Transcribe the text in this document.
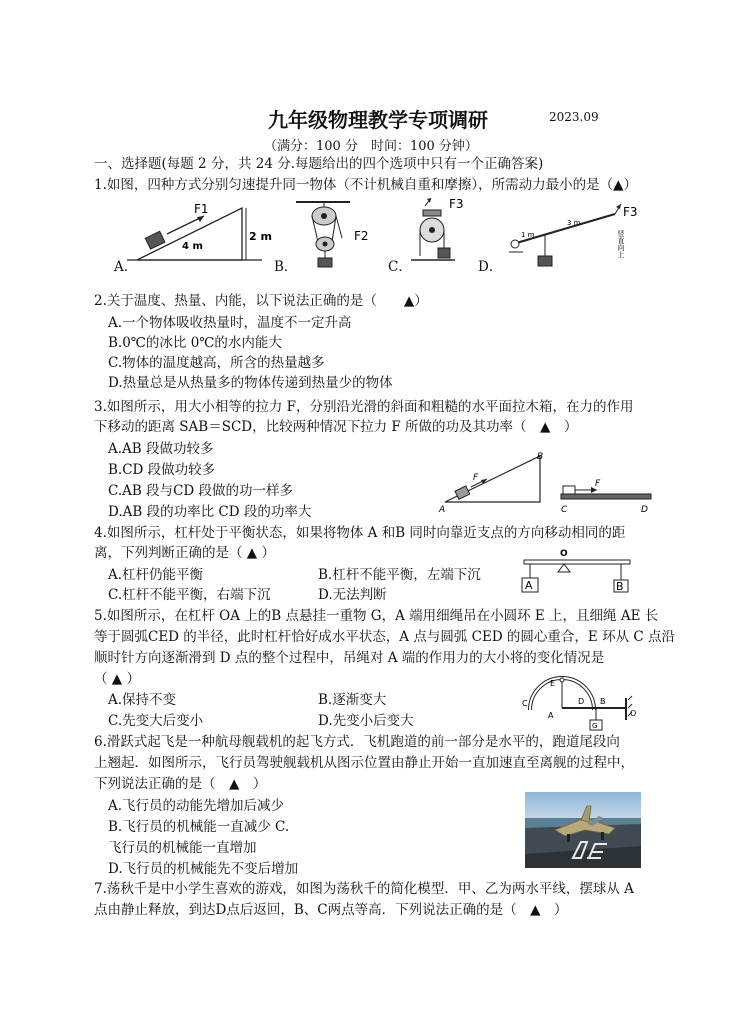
九年级物理教学专项调研	2023.09
（满分：100 分　时间：100 分钟）
一、选择题(每题 2 分，共 24 分.每题给出的四个选项中只有一个正确答案)
1.如图，四种方式分别匀速提升同一物体（不计机械自重和摩擦），所需动力最小的是（▲）
F1
4 m
2 m
A.
F2
B．
F3
C．
F3
1 m
3 m
竖直向上
D．
2.关于温度、热量、内能，以下说法正确的是（　　▲）
A.一个物体吸收热量时，温度不一定升高
B.0℃的冰比 0℃的水内能大
C.物体的温度越高，所含的热量越多
D.热量总是从热量多的物体传递到热量少的物体
3.如图所示，用大小相等的拉力 F，分别沿光滑的斜面和粗糙的水平面拉木箱，在力的作用
下移动的距离 SAB＝SCD，比较两种情况下拉力 F 所做的功及其功率（　▲　）
A.AB 段做功较多
B.CD 段做功较多
C.AB 段与CD 段做的功一样多
D.AB 段的功率比 CD 段的功率大
F
A
B
F
C	D
4.如图所示，杠杆处于平衡状态，如果将物体 A 和B 同时向靠近支点的方向移动相同的距
离，下列判断正确的是（ ▲ ）
A.杠杆仍能平衡	B.杠杆不能平衡，左端下沉
C.杠杆不能平衡，右端下沉	D.无法判断
O
A	B
5.如图所示，在杠杆 OA 上的B 点悬挂一重物 G，A 端用细绳吊在小圆环 E 上，且细绳 AE 长
等于圆弧CED 的半径，此时杠杆恰好成水平状态，A 点与圆弧 CED 的圆心重合，E 环从 C 点沿
顺时针方向逐渐滑到 D 点的整个过程中，吊绳对 A 端的作用力的大小将的变化情况是
（ ▲ ）
A.保持不变	B.逐渐变大
C.先变大后变小	D.先变小后变大	G
E
C	D
A
B
O
6.滑跃式起飞是一种航母舰载机的起飞方式．飞机跑道的前一部分是水平的，跑道尾段向
上翘起．如图所示，飞行员驾驶舰载机从图示位置由静止开始一直加速直至离舰的过程中，
下列说法正确的是（　▲　）
A.飞行员的动能先增加后减少
B.飞行员的机械能一直减少 C.
飞行员的机械能一直增加
D.飞行员的机械能先不变后增加
7.荡秋千是中小学生喜欢的游戏，如图为荡秋千的简化模型．甲、乙为两水平线，摆球从 A
点由静止释放，到达D点后返回，B、C两点等高．下列说法正确的是（　▲　）
